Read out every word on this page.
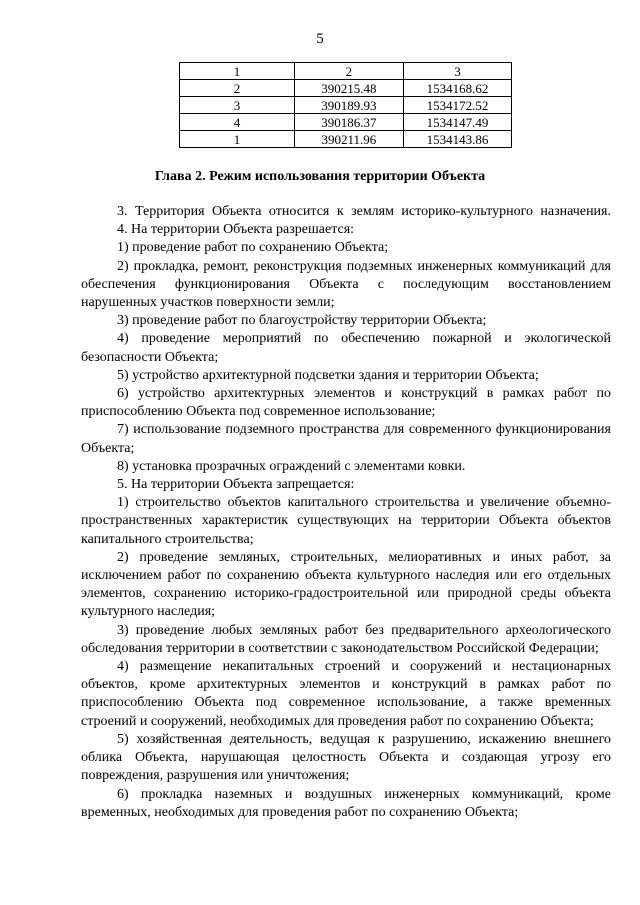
5
1	2	3
2	390215.48	1534168.62
3	390189.93	1534172.52
4	390186.37	1534147.49
1	390211.96	1534143.86
Глава 2. Режим использования территории Объекта

3. Территория Объекта относится к землям историко-культурного назначения.

4. На территории Объекта разрешается:

1) проведение работ по сохранению Объекта;

2) прокладка, ремонт, реконструкция подземных инженерных коммуникаций для обеспечения функционирования Объекта с последующим восстановлением нарушенных участков поверхности земли;

3) проведение работ по благоустройству территории Объекта;

4) проведение мероприятий по обеспечению пожарной и экологической безопасности Объекта;

5) устройство архитектурной подсветки здания и территории Объекта;

6) устройство архитектурных элементов и конструкций в рамках работ по приспособлению Объекта под современное использование;

7) использование подземного пространства для современного функционирования Объекта;

8) установка прозрачных ограждений с элементами ковки.

5. На территории Объекта запрещается:

1) строительство объектов капитального строительства и увеличение объемно-пространственных характеристик существующих на территории Объекта объектов капитального строительства;

2) проведение земляных, строительных, мелиоративных и иных работ, за исключением работ по сохранению объекта культурного наследия или его отдельных элементов, сохранению историко-градостроительной или природной среды объекта культурного наследия;

3) проведение любых земляных работ без предварительного археологического обследования территории в соответствии с законодательством Российской Федерации;

4) размещение некапитальных строений и сооружений и нестационарных объектов, кроме архитектурных элементов и конструкций в рамках работ по приспособлению Объекта под современное использование, а также временных строений и сооружений, необходимых для проведения работ по сохранению Объекта;

5) хозяйственная деятельность, ведущая к разрушению, искажению внешнего облика Объекта, нарушающая целостность Объекта и создающая угрозу его повреждения, разрушения или уничтожения;

6) прокладка наземных и воздушных инженерных коммуникаций, кроме временных, необходимых для проведения работ по сохранению Объекта;
